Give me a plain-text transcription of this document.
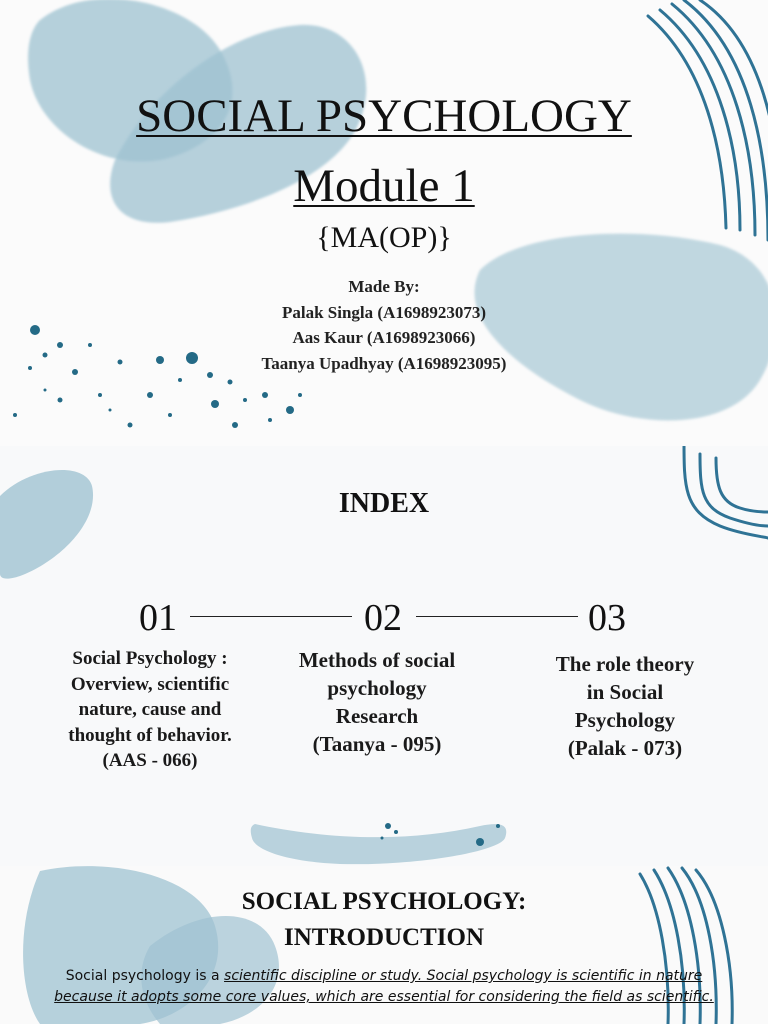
SOCIAL PSYCHOLOGY
Module 1
{MA(OP)}
Made By:
Palak Singla (A1698923073)
Aas Kaur (A1698923066)
Taanya Upadhyay (A1698923095)
INDEX
01	02	03
Social Psychology :
Overview, scientific
nature, cause and
thought of behavior.
(AAS - 066)
Methods of social
psychology
Research
(Taanya - 095)
The role theory
in Social
Psychology
(Palak - 073)
SOCIAL PSYCHOLOGY:
INTRODUCTION
Social psychology is a scientific discipline or study. Social psychology is scientific in nature because it adopts some core values, which are essential for considering the field as scientific.
